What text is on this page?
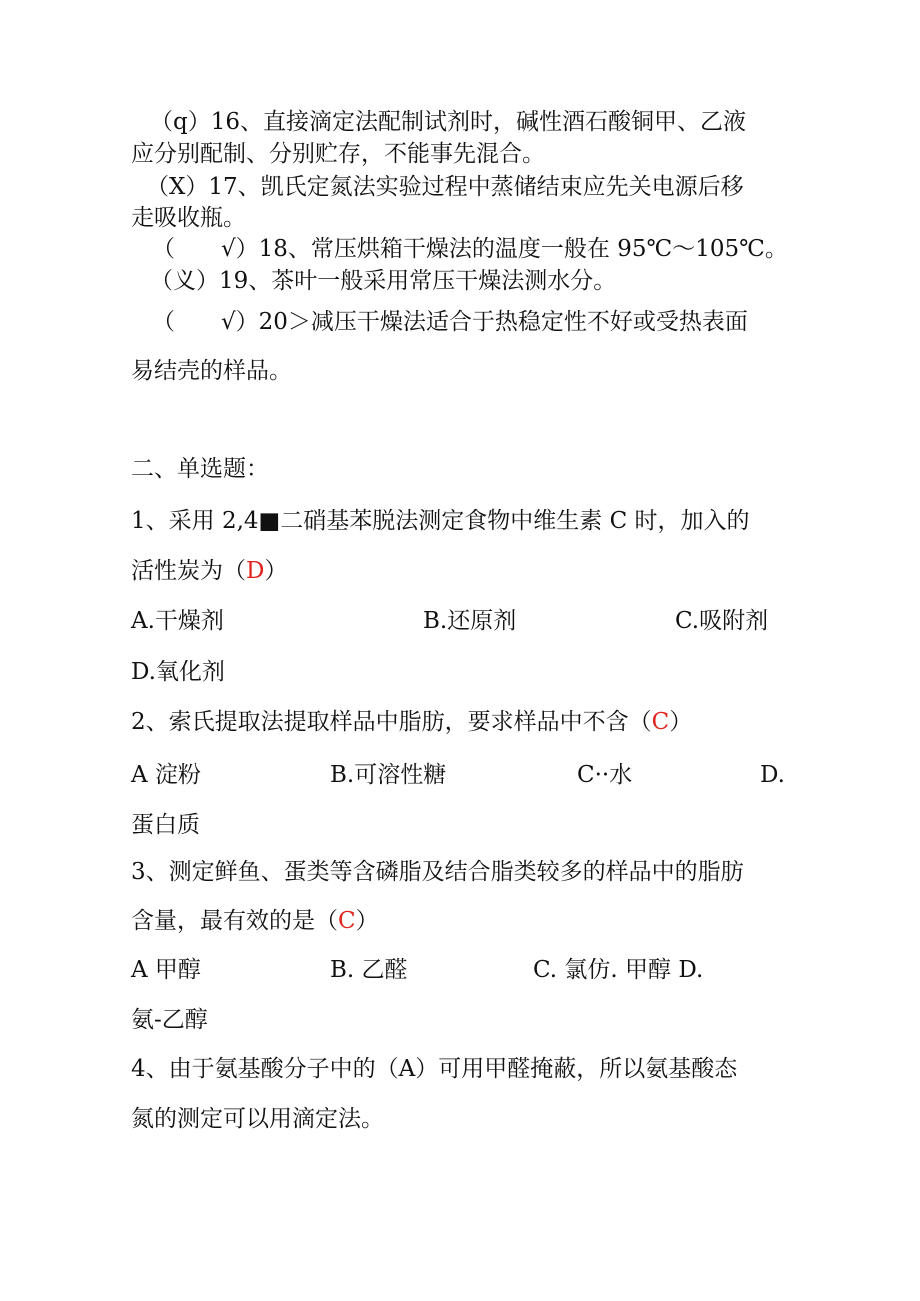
（q）16、直接滴定法配制试剂时，碱性酒石酸铜甲、乙液
应分别配制、分别贮存，不能事先混合。
（X）17、凯氏定氮法实验过程中蒸储结束应先关电源后移
走吸收瓶。
（　　√）18、常压烘箱干燥法的温度一般在 95℃～105℃。
（义）19、茶叶一般采用常压干燥法测水分。
（　　√）20＞减压干燥法适合于热稳定性不好或受热表面
易结壳的样品。
二、单选题：
1、采用 2,4■二硝基苯脱法测定食物中维生素 C 时，加入的
活性炭为（D）
A.干燥剂	B.还原剂	C.吸附剂
D.氧化剂
2、索氏提取法提取样品中脂肪，要求样品中不含（C）
A 淀粉	B.可溶性糖	C··水	D.
蛋白质
3、测定鲜鱼、蛋类等含磷脂及结合脂类较多的样品中的脂肪
含量，最有效的是（C）
A 甲醇	B. 乙醛	C. 氯仿. 甲醇 D.
氨-乙醇
4、由于氨基酸分子中的（A）可用甲醛掩蔽，所以氨基酸态
氮的测定可以用滴定法。
